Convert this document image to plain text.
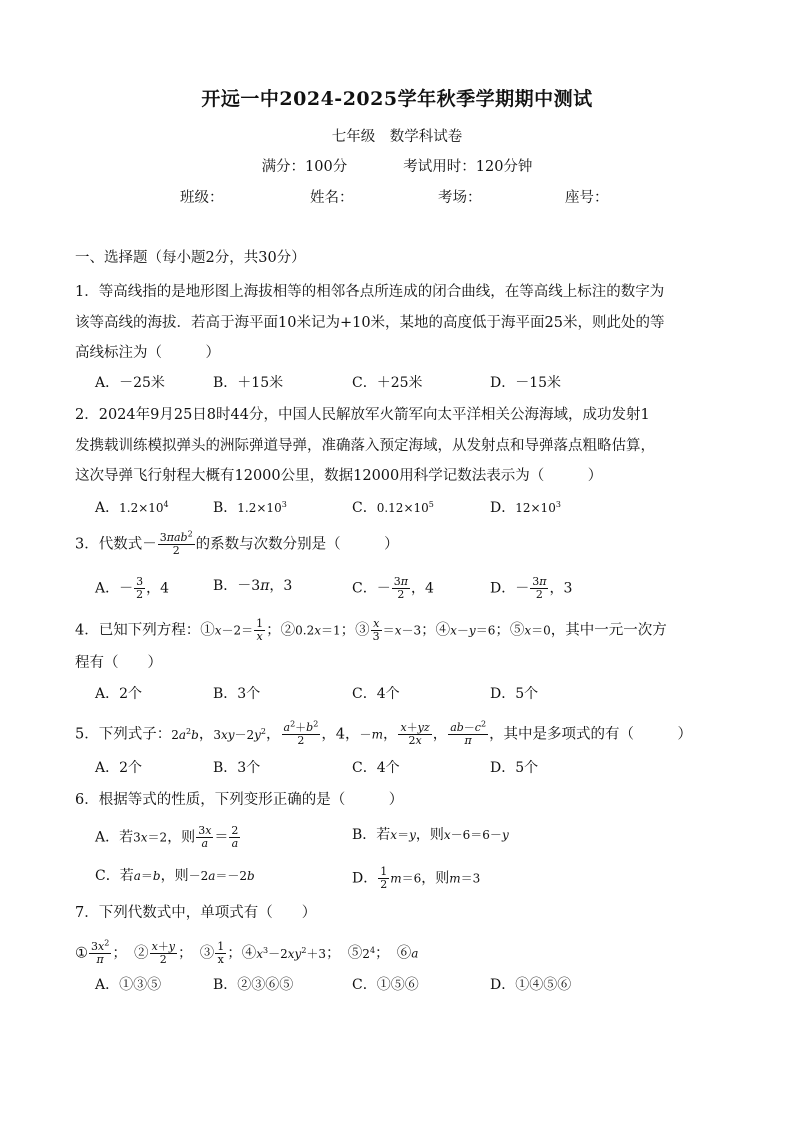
开远一中2024-2025学年秋季学期期中测试
七年级　数学科试卷
满分：100分	考试用时：120分钟
班级：	姓名：	考场：	座号：
一、选择题（每小题2分，共30分）
1．等高线指的是地形图上海拔相等的相邻各点所连成的闭合曲线，在等高线上标注的数字为
该等高线的海拔．若高于海平面10米记为+10米，某地的高度低于海平面25米，则此处的等
高线标注为（　　　）
A．－25米	B．＋15米	C．＋25米	D．－15米
2．2024年9月25日8时44分，中国人民解放军火箭军向太平洋相关公海海域，成功发射1
发携载训练模拟弹头的洲际弹道导弹，准确落入预定海域，从发射点和导弹落点粗略估算，
这次导弹飞行射程大概有12000公里，数据12000用科学记数法表示为（　　　）
A．$1.2\times 10^4$	B．$1.2\times 10^3$	C．$0.12\times 10^5$	D．$12\times 10^3$
3．代数式－ $\frac{3\pi ab^2}{2}$ 的系数与次数分别是（　　　）
A．－ $\frac{3}{2}$ ，4	B．－3π，3	C．－ $\frac{3\pi}{2}$ ，4	D．－ $\frac{3\pi}{2}$ ，3
4．已知下列方程：①x－2＝ $\frac{1}{x}$ ；②0.2x＝1；③ $\frac{x}{3} =x-3$；④x－y＝6；⑤x＝0，其中一元一次方
程有（　　）
A．2个	B．3个	C．4个	D．5个
5．下列式子：$2a^2b$，$3xy-2y^2$， $\frac{a^2+b^2}{2}$ ，4，－m， $\frac{x+yz}{2x}$ ， $\frac{ab-c^2}{\pi}$ ，其中是多项式的有（　　　）
A．2个	B．3个	C．4个	D．5个
6．根据等式的性质，下列变形正确的是（　　　）
A．若3x＝2，则 $\frac{3x}{a} = \frac{2}{a}$	B．若x＝y，则x－6＝6－y
C．若a＝b，则－2a＝－2b	D． $\frac{1}{2} m=6$，则m＝3
7．下列代数式中，单项式有（　　）
① $\frac{3x^2}{\pi}$ ；　② $\frac{x+y}{2}$ ；　③ $\frac{1}{x}$ ；$④x^3-2xy^2+3$；　$⑤2^4$；　⑥a
A．①③⑤	B．②③⑥⑤	C．①⑤⑥	D．①④⑤⑥
